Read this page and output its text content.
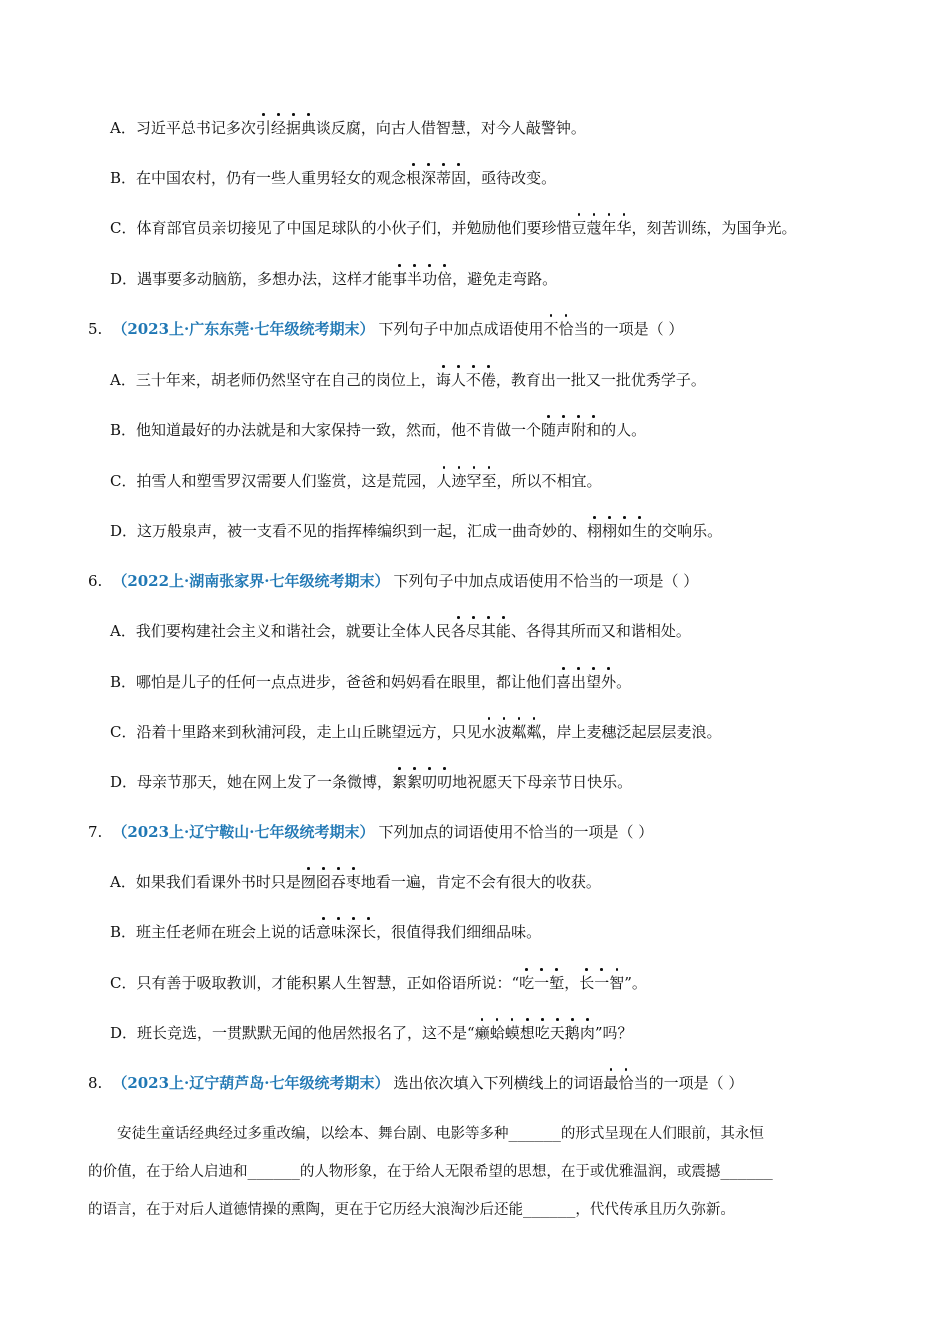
A．习近平总书记多次引经据典谈反腐，向古人借智慧，对今人敲警钟。
B．在中国农村，仍有一些人重男轻女的观念根深蒂固，亟待改变。
C．体育部官员亲切接见了中国足球队的小伙子们，并勉励他们要珍惜豆蔻年华，刻苦训练，为国争光。
D．遇事要多动脑筋，多想办法，这样才能事半功倍，避免走弯路。
5. （2023上·广东东莞·七年级统考期末） 下列句子中加点成语使用不恰当的一项是（ ）
A．三十年来，胡老师仍然坚守在自己的岗位上，诲人不倦，教育出一批又一批优秀学子。
B．他知道最好的办法就是和大家保持一致，然而，他不肯做一个随声附和的人。
C．拍雪人和塑雪罗汉需要人们鉴赏，这是荒园，人迹罕至，所以不相宜。
D．这万般泉声，被一支看不见的指挥棒编织到一起，汇成一曲奇妙的、栩栩如生的交响乐。
6. （2022上·湖南张家界·七年级统考期末） 下列句子中加点成语使用不恰当的一项是（ ）
A．我们要构建社会主义和谐社会，就要让全体人民各尽其能、各得其所而又和谐相处。
B．哪怕是儿子的任何一点点进步，爸爸和妈妈看在眼里，都让他们喜出望外。
C．沿着十里路来到秋浦河段，走上山丘眺望远方，只见水波粼粼，岸上麦穗泛起层层麦浪。
D．母亲节那天，她在网上发了一条微博，絮絮叨叨地祝愿天下母亲节日快乐。
7. （2023上·辽宁鞍山·七年级统考期末） 下列加点的词语使用不恰当的一项是（ ）
A．如果我们看课外书时只是囫囵吞枣地看一遍，肯定不会有很大的收获。
B．班主任老师在班会上说的话意味深长，很值得我们细细品味。
C．只有善于吸取教训，才能积累人生智慧，正如俗语所说：“吃一堑，长一智”。
D．班长竞选，一贯默默无闻的他居然报名了，这不是“癞蛤蟆想吃天鹅肉”吗？
8. （2023上·辽宁葫芦岛·七年级统考期末） 选出依次填入下列横线上的词语最恰当的一项是（ ）
　　安徒生童话经典经过多重改编，以绘本、舞台剧、电影等多种______的形式呈现在人们眼前，其永恒
的价值，在于给人启迪和______的人物形象，在于给人无限希望的思想，在于或优雅温润，或震撼______
的语言，在于对后人道德情操的熏陶，更在于它历经大浪淘沙后还能______，代代传承且历久弥新。
